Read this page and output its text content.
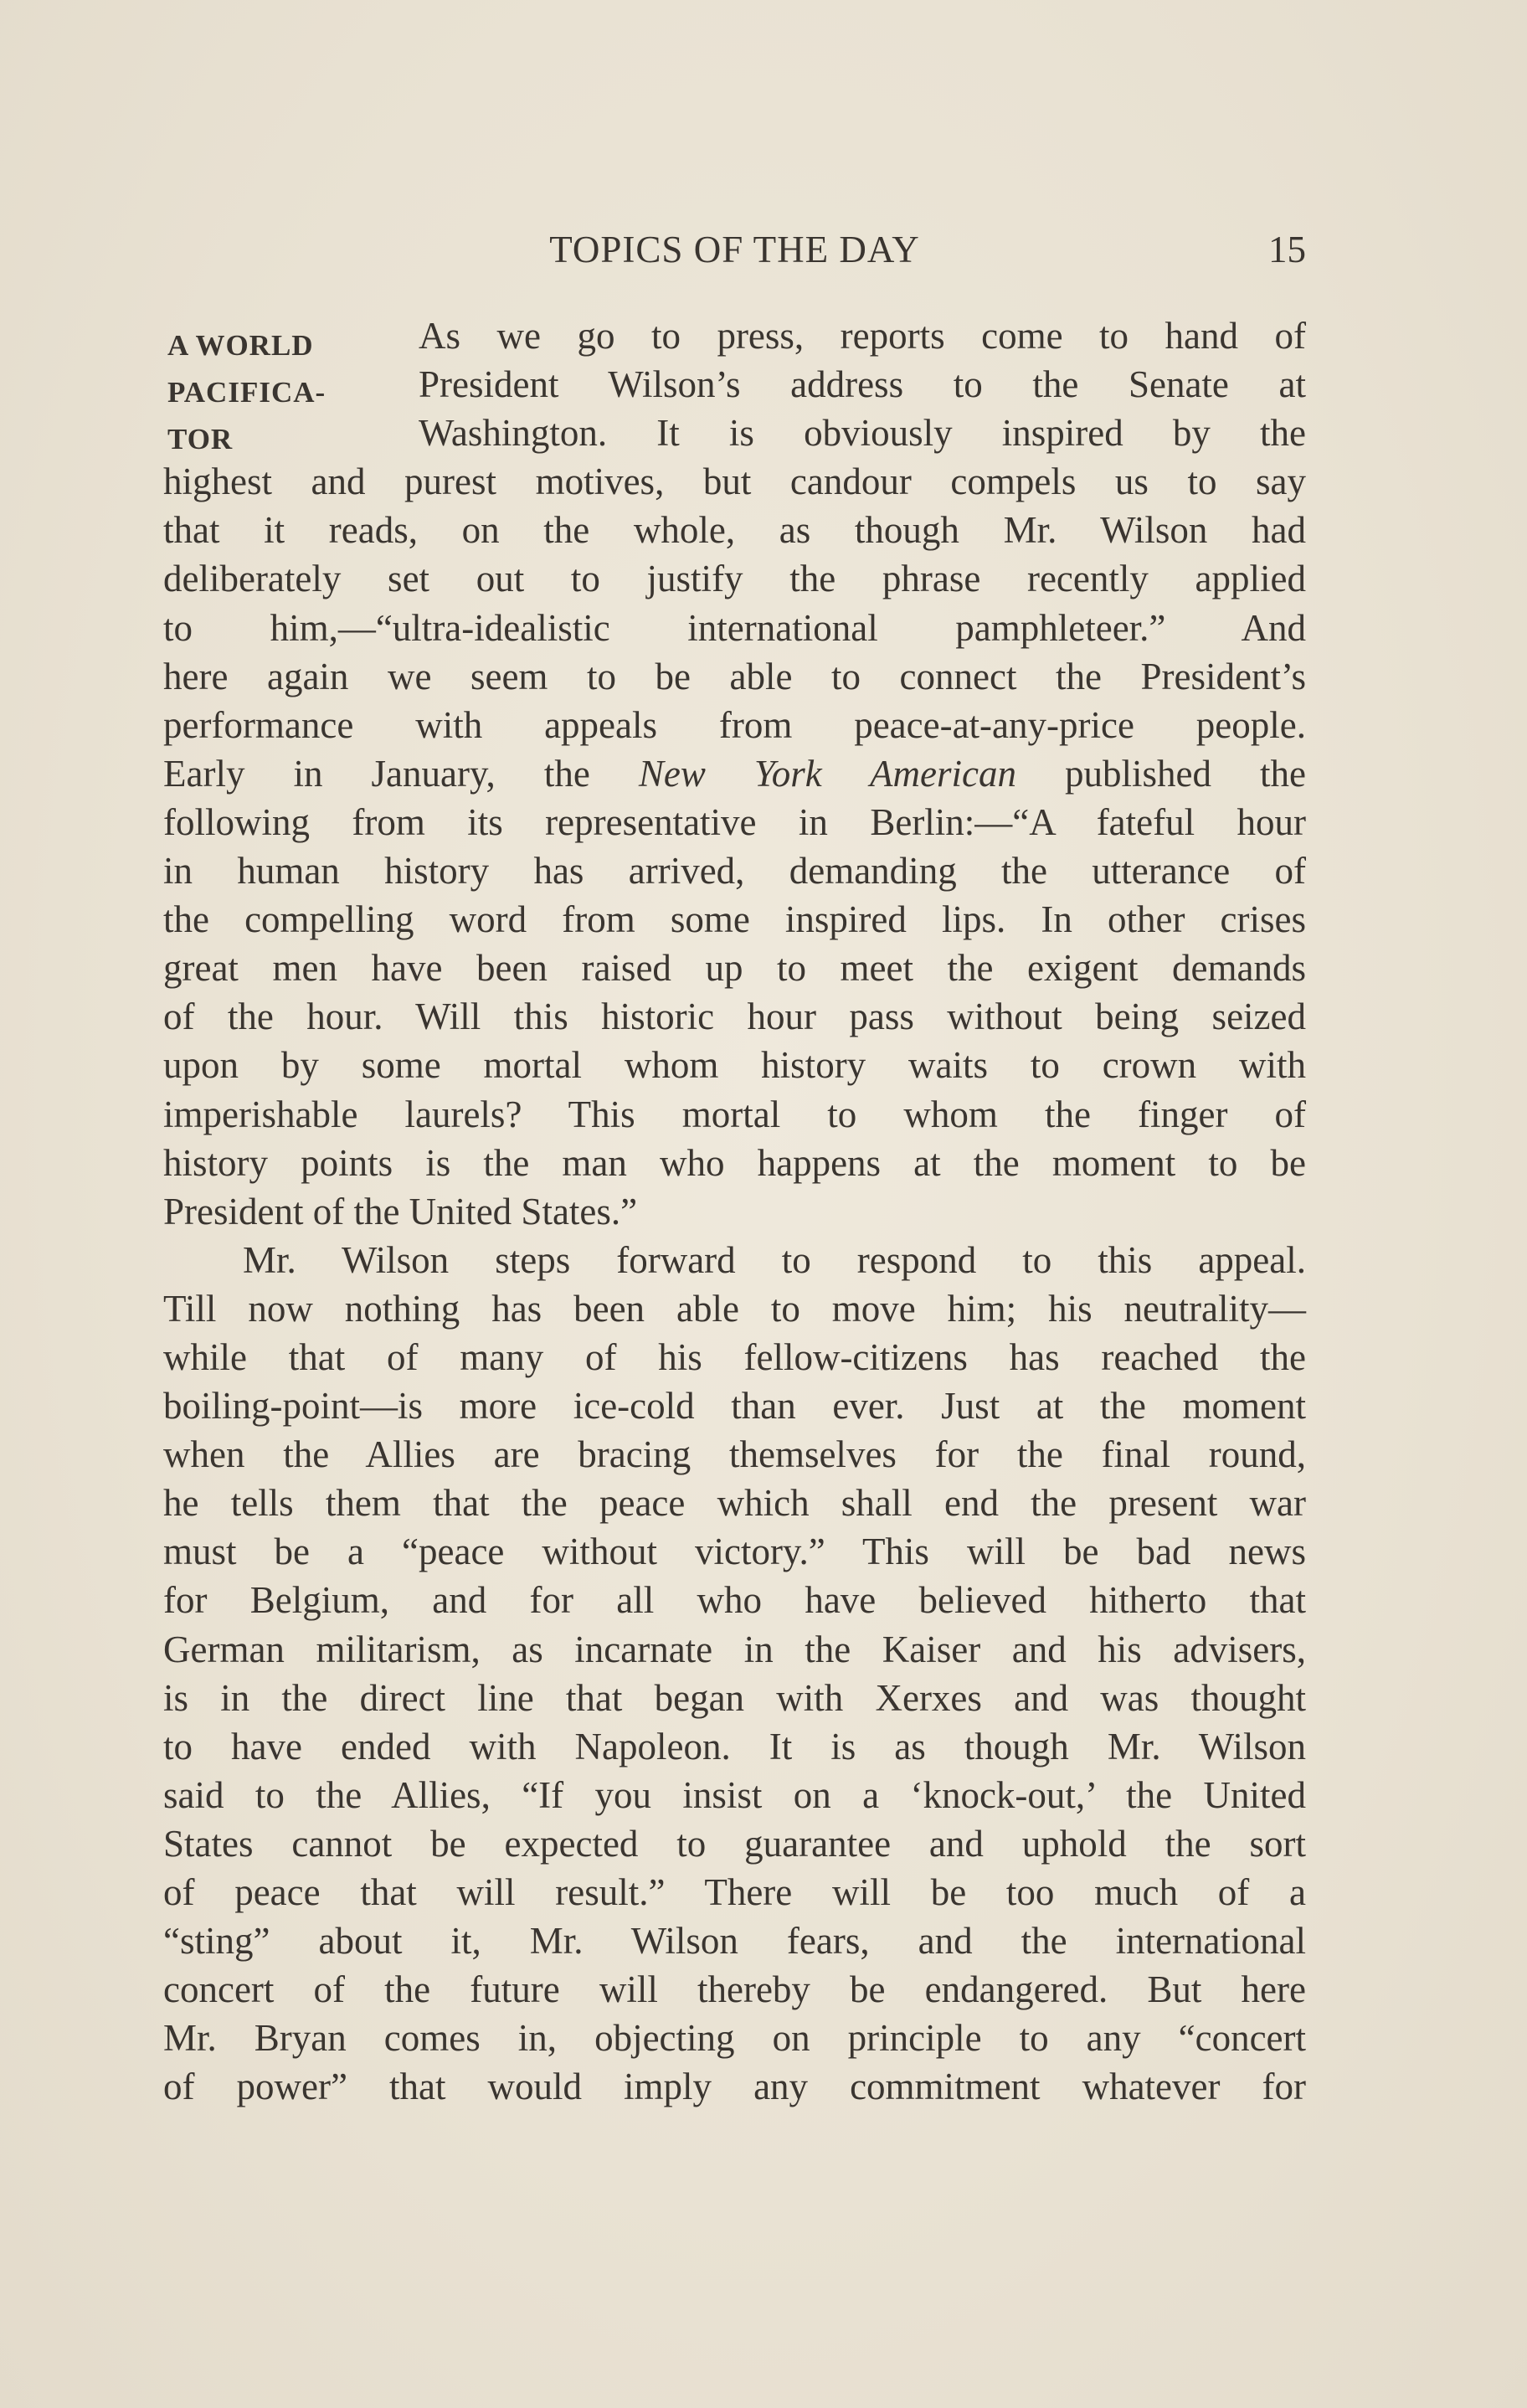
TOPICS OF THE DAY	15
A WORLD
PACIFICA-
TOR
As we go to press, reports come to hand of
President Wilson’s address to the Senate at
Washington. It is obviously inspired by the
highest and purest motives, but candour compels us to say
that it reads, on the whole, as though Mr. Wilson had
deliberately set out to justify the phrase recently applied
to him,—“ultra-idealistic international pamphleteer.” And
here again we seem to be able to connect the President’s
performance with appeals from peace-at-any-price people.
Early in January, the New York American published the
following from its representative in Berlin:—“A fateful hour
in human history has arrived, demanding the utterance of
the compelling word from some inspired lips. In other crises
great men have been raised up to meet the exigent demands
of the hour. Will this historic hour pass without being seized
upon by some mortal whom history waits to crown with
imperishable laurels? This mortal to whom the finger of
history points is the man who happens at the moment to be
President of the United States.”
Mr. Wilson steps forward to respond to this appeal.
Till now nothing has been able to move him; his neutrality—
while that of many of his fellow-citizens has reached the
boiling-point—is more ice-cold than ever. Just at the moment
when the Allies are bracing themselves for the final round,
he tells them that the peace which shall end the present war
must be a “peace without victory.” This will be bad news
for Belgium, and for all who have believed hitherto that
German militarism, as incarnate in the Kaiser and his advisers,
is in the direct line that began with Xerxes and was thought
to have ended with Napoleon. It is as though Mr. Wilson
said to the Allies, “If you insist on a ‘knock-out,’ the United
States cannot be expected to guarantee and uphold the sort
of peace that will result.” There will be too much of a
“sting” about it, Mr. Wilson fears, and the international
concert of the future will thereby be endangered. But here
Mr. Bryan comes in, objecting on principle to any “concert
of power” that would imply any commitment whatever for
